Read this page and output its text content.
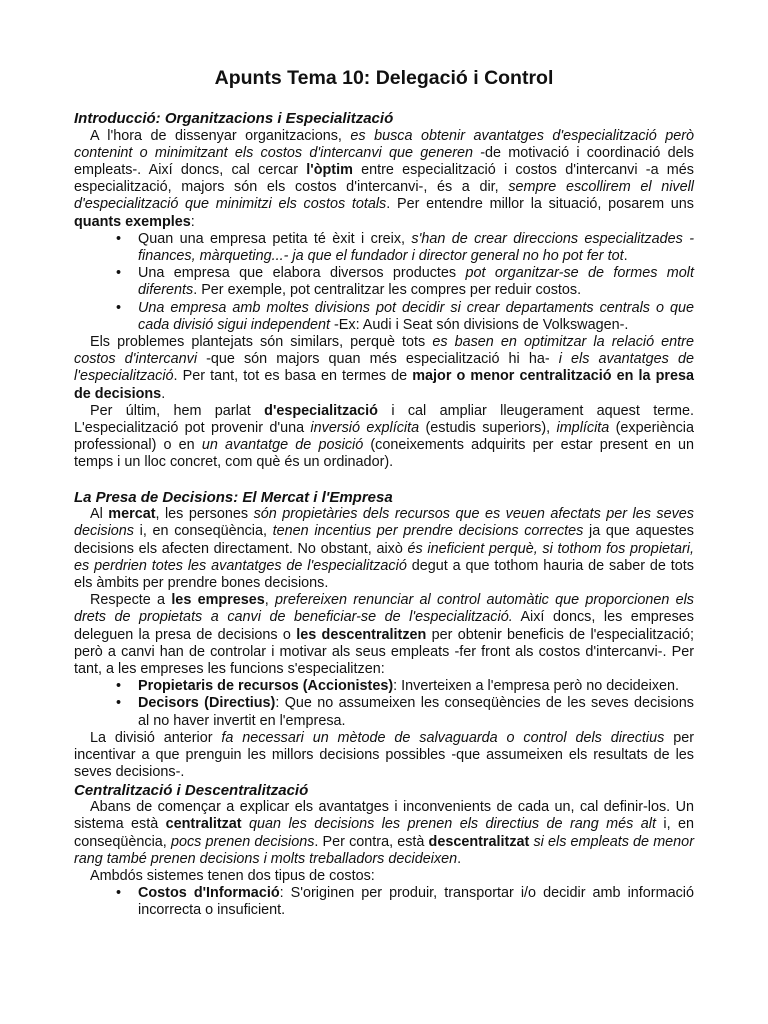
Apunts Tema 10: Delegació i Control
Introducció: Organitzacions i Especialització

A l'hora de dissenyar organitzacions, es busca obtenir avantatges d'especialització però contenint o minimitzant els costos d'intercanvi que generen -de motivació i coordinació dels empleats-. Així doncs, cal cercar l'òptim entre especialització i costos d'intercanvi -a més especialització, majors són els costos d'intercanvi-, és a dir, sempre escollirem el nivell d'especialització que minimitzi els costos totals. Per entendre millor la situació, posarem uns quants exemples:

• Quan una empresa petita té èxit i creix, s'han de crear direccions especialitzades -finances, màrqueting...- ja que el fundador i director general no ho pot fer tot.
• Una empresa que elabora diversos productes pot organitzar-se de formes molt diferents. Per exemple, pot centralitzar les compres per reduir costos.
• Una empresa amb moltes divisions pot decidir si crear departaments centrals o que cada divisió sigui independent -Ex: Audi i Seat són divisions de Volkswagen-.

Els problemes plantejats són similars, perquè tots es basen en optimitzar la relació entre costos d'intercanvi -que són majors quan més especialització hi ha- i els avantatges de l'especialització. Per tant, tot es basa en termes de major o menor centralització en la presa de decisions.

Per últim, hem parlat d'especialització i cal ampliar lleugerament aquest terme. L'especialització pot provenir d'una inversió explícita (estudis superiors), implícita (experiència professional) o en un avantatge de posició (coneixements adquirits per estar present en un temps i un lloc concret, com què és un ordinador).

La Presa de Decisions: El Mercat i l'Empresa

Al mercat, les persones són propietàries dels recursos que es veuen afectats per les seves decisions i, en conseqüència, tenen incentius per prendre decisions correctes ja que aquestes decisions els afecten directament. No obstant, això és ineficient perquè, si tothom fos propietari, es perdrien totes les avantatges de l'especialització degut a que tothom hauria de saber de tots els àmbits per prendre bones decisions.

Respecte a les empreses, prefereixen renunciar al control automàtic que proporcionen els drets de propietats a canvi de beneficiar-se de l'especialització. Així doncs, les empreses deleguen la presa de decisions o les descentralitzen per obtenir beneficis de l'especialització; però a canvi han de controlar i motivar als seus empleats -fer front als costos d'intercanvi-. Per tant, a les empreses les funcions s'especialitzen:

• Propietaris de recursos (Accionistes): Inverteixen a l'empresa però no decideixen.
• Decisors (Directius): Que no assumeixen les conseqüències de les seves decisions al no haver invertit en l'empresa.

La divisió anterior fa necessari un mètode de salvaguarda o control dels directius per incentivar a que prenguin les millors decisions possibles -que assumeixen els resultats de les seves decisions-.

Centralització i Descentralització

Abans de començar a explicar els avantatges i inconvenients de cada un, cal definir-los. Un sistema està centralitzat quan les decisions les prenen els directius de rang més alt i, en conseqüència, pocs prenen decisions. Per contra, està descentralitzat si els empleats de menor rang també prenen decisions i molts treballadors decideixen.

Ambdós sistemes tenen dos tipus de costos:

• Costos d'Informació: S'originen per produir, transportar i/o decidir amb informació incorrecta o insuficient.
